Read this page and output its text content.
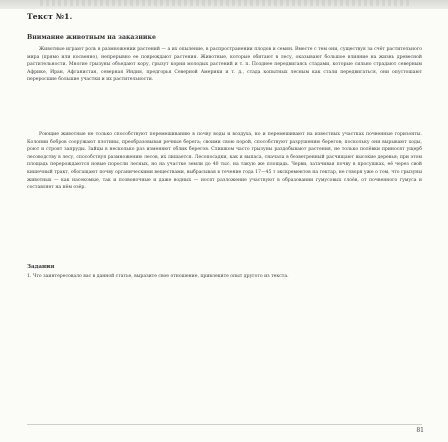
Текст №1.
Внимание животным на заказнике
Животные играют роль в размножении растений — а их опыление, в распространении плодов и семян. Вместе с тем они, существуя за счёт растительного мира (прямо или косвенно), непрерывно ее повреждают растения. Животные, которые обитают в лесу, оказывают большое влияние на жизнь древесной растительности. Многие грызуны объедают кору, грызут корни молодых растений и т. п. Позднее передвигаясь стадами, которые сильно страдают северным Африке, Иран, Афганистан, северная Индия, предгорья Северной Америки и т. д., стада копытных лесным как стали передвигаться, они опустошают переросшие большие участки и их растительности.
Роющие животные не только способствуют перемешиванию в почву воды и воздуха, но и перемешивают на известных участках почвенные горизонты. Колонии бобров сооружают плотины, преобразовывая речные берега; своими свою порой, способствуют разрушению берегов; поскольку они вырывают ходы, роют и строят запруды. Зайцы в несколько раз изменяют облик берегов. Слишком часто грызуны раздобывают растения, не только полёвки приносят ущерб лесоводству в лесу, способствуя размножению лесов, их лишается. Лесопосадки, как и выпаса, сначала в безветренный расчищают высокие деревья; при этом площадь перерождаются новые поросли лесных, но на участке земли до 40 тыс. на такую же площадь. Черви, затачивая почву в просушках, её через свой кишечный тракт, обогащают почву органическими веществами, выбрасывая в течение года 17—45 т экскрементов на гектар, не говоря уже о том, что грызуны животных — как насекомые, так и позвоночные и даже водных — носят разложение участвуют в образовании гумусовых слоёв, от почвенного гумуса и составляет на нём озёр.
Задания
1. Что заинтересовало вас в данной статье, выразите свое отношение, привлеките опыт другого из текста.
81
